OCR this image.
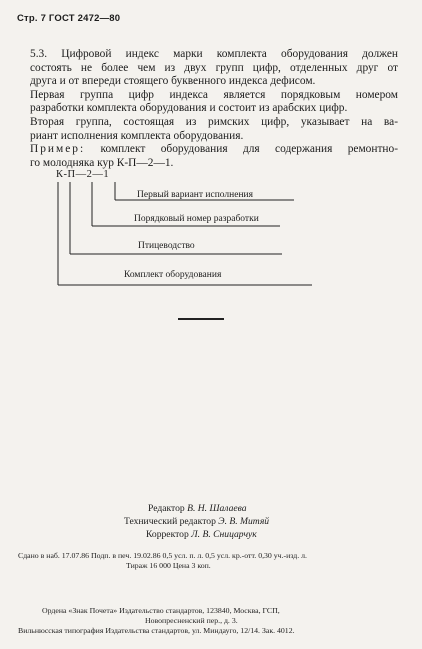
Стр. 7 ГОСТ 2472—80

5.3. Цифровой индекс марки комплекта оборудования должен
состоять не более чем из двух групп цифр, отделенных друг от
друга и от впереди стоящего буквенного индекса дефисом.

Первая группа цифр индекса является порядковым номером
разработки комплекта оборудования и состоит из арабских цифр.

Вторая группа, состоящая из римских цифр, указывает на ва-
риант исполнения комплекта оборудования.

Пример: комплект оборудования для содержания ремонтно-
го молодняка кур К-П—2—1.

К-П—2—1
Первый вариант исполнения
Порядковый номер разработки
Птицеводство
Комплект оборудования
Редактор В. Н. Шалаева
Технический редактор Э. В. Митяй
Корректор Л. В. Сницарчук
Сдано в наб. 17.07.86 Подп. в печ. 19.02.86 0,5 усл. п. л. 0,5 усл. кр.-отт. 0,30 уч.-изд. л.
Тираж 16 000 Цена 3 коп.
Ордена «Знак Почета» Издательство стандартов, 123840, Москва, ГСП,
Новопресненский пер., д. 3.
Вильнюсская типография Издательства стандартов, ул. Миндауго, 12/14. Зак. 4012.
